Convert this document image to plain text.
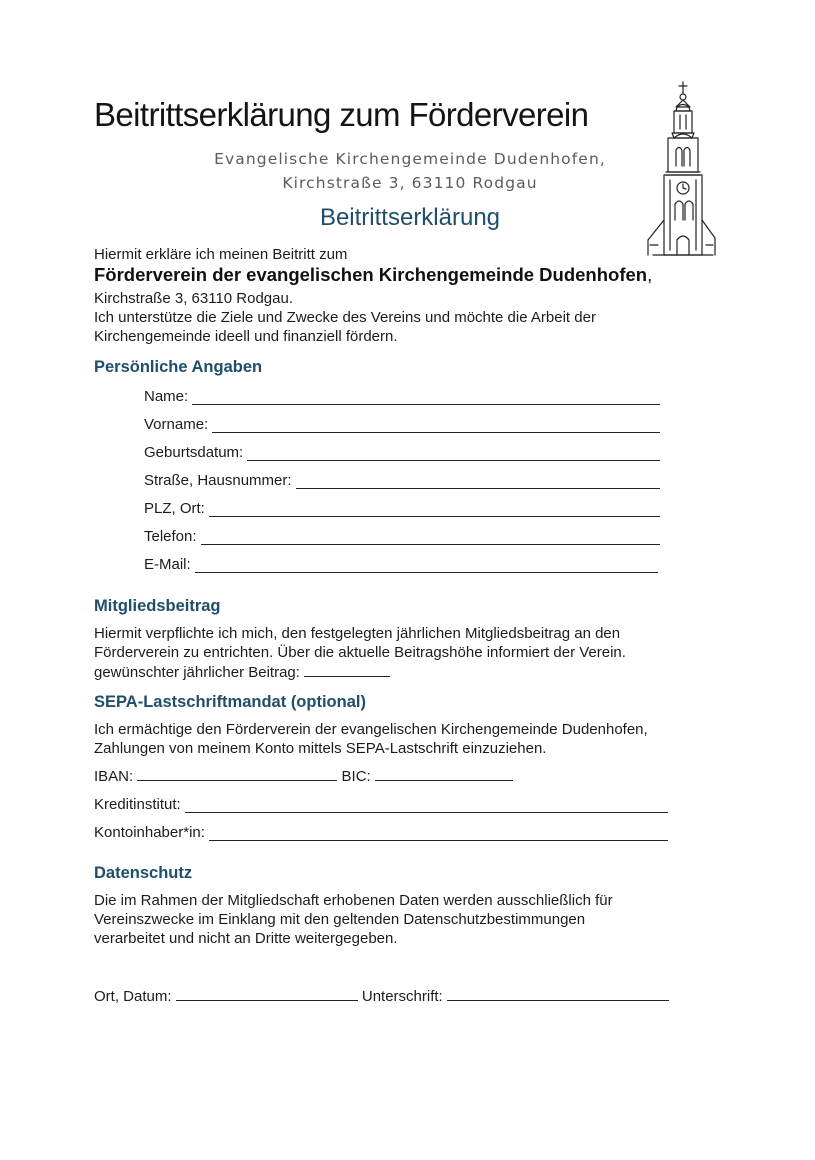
Beitrittserklärung zum Förderverein
Evangelische Kirchengemeinde Dudenhofen,
Kirchstraße 3, 63110 Rodgau
Beitrittserklärung

Hiermit erkläre ich meinen Beitritt zum

Förderverein der evangelischen Kirchengemeinde Dudenhofen,

Kirchstraße 3, 63110 Rodgau.

Ich unterstütze die Ziele und Zwecke des Vereins und möchte die Arbeit der

Kirchengemeinde ideell und finanziell fördern.

Persönliche Angaben
Name:
Vorname:
Geburtsdatum:
Straße, Hausnummer:
PLZ, Ort:
Telefon:
E-Mail:
Mitgliedsbeitrag

Hiermit verpflichte ich mich, den festgelegten jährlichen Mitgliedsbeitrag an den

Förderverein zu entrichten. Über die aktuelle Beitragshöhe informiert der Verein.

gewünschter jährlicher Beitrag:
SEPA-Lastschriftmandat (optional)

Ich ermächtige den Förderverein der evangelischen Kirchengemeinde Dudenhofen,

Zahlungen von meinem Konto mittels SEPA-Lastschrift einzuziehen.

IBAN:	BIC:
Kreditinstitut:
Kontoinhaber*in:
Datenschutz

Die im Rahmen der Mitgliedschaft erhobenen Daten werden ausschließlich für

Vereinszwecke im Einklang mit den geltenden Datenschutzbestimmungen

verarbeitet und nicht an Dritte weitergegeben.

Ort, Datum:	Unterschrift:
